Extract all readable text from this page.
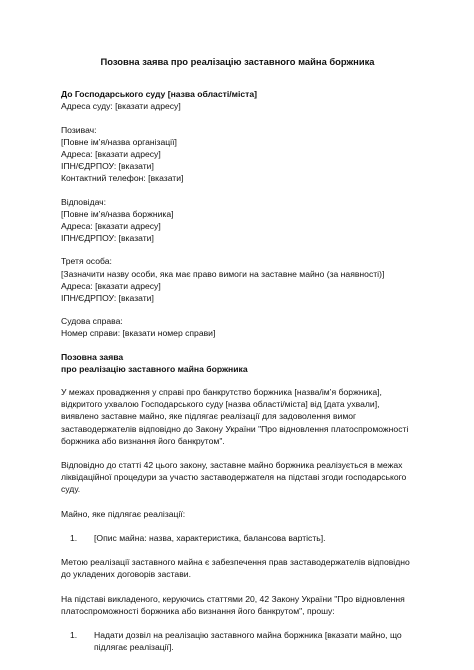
Позовна заява про реалізацію заставного майна боржника
До Господарського суду [назва області/міста]
Адреса суду: [вказати адресу]
Позивач:
[Повне ім’я/назва організації]
Адреса: [вказати адресу]
ІПН/ЄДРПОУ: [вказати]
Контактний телефон: [вказати]
Відповідач:
[Повне ім’я/назва боржника]
Адреса: [вказати адресу]
ІПН/ЄДРПОУ: [вказати]
Третя особа:
[Зазначити назву особи, яка має право вимоги на заставне майно (за наявності)]
Адреса: [вказати адресу]
ІПН/ЄДРПОУ: [вказати]
Судова справа:
Номер справи: [вказати номер справи]
Позовна заява
про реалізацію заставного майна боржника
У межах провадження у справі про банкрутство боржника [назва/ім’я боржника], відкритого ухвалою Господарського суду [назва області/міста] від [дата ухвали], виявлено заставне майно, яке підлягає реалізації для задоволення вимог заставодержателів відповідно до Закону України "Про відновлення платоспроможності боржника або визнання його банкрутом".
Відповідно до статті 42 цього закону, заставне майно боржника реалізується в межах ліквідаційної процедури за участю заставодержателя на підставі згоди господарського суду.
Майно, яке підлягає реалізації:
1.	[Опис майна: назва, характеристика, балансова вартість].
Метою реалізації заставного майна є забезпечення прав заставодержателів відповідно до укладених договорів застави.
На підставі викладеного, керуючись статтями 20, 42 Закону України "Про відновлення платоспроможності боржника або визнання його банкрутом", прошу:
1.	Надати дозвіл на реалізацію заставного майна боржника [вказати майно, що підлягає реалізації].
